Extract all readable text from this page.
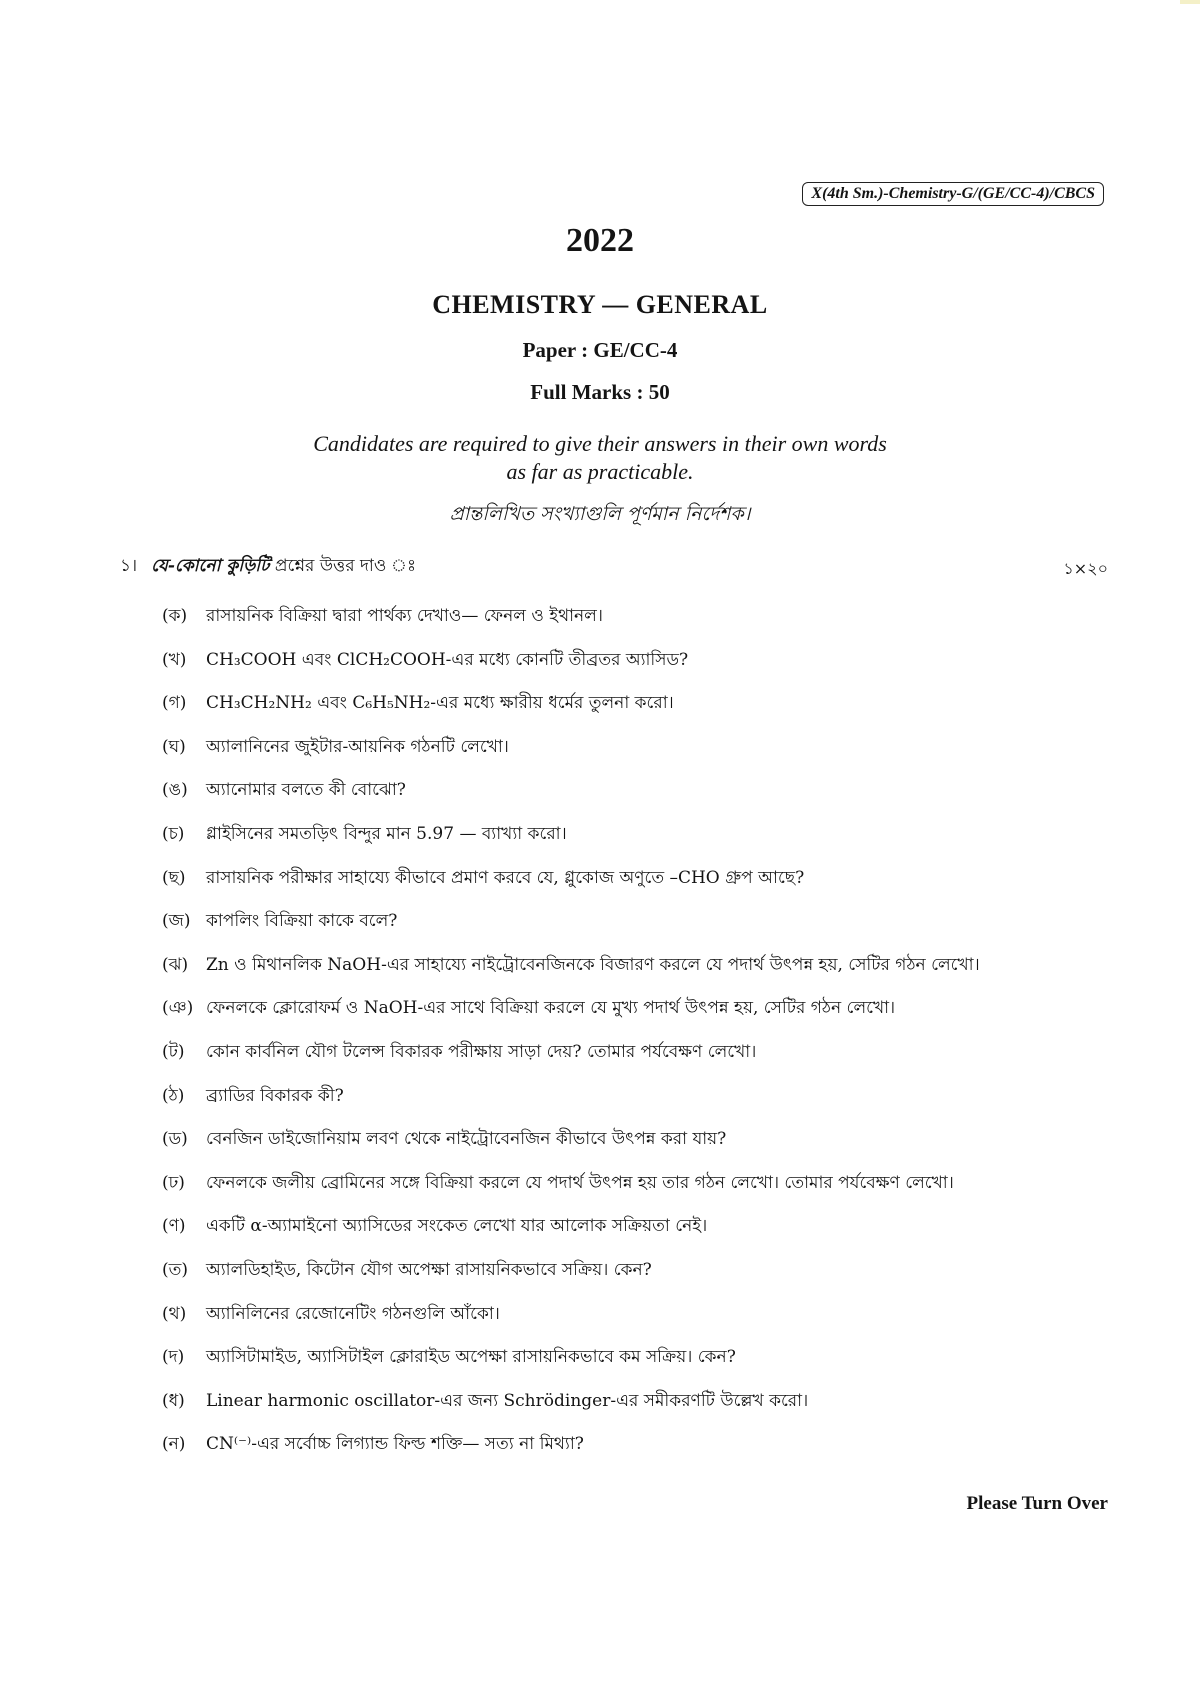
X(4th Sm.)-Chemistry-G/(GE/CC-4)/CBCS
2022
CHEMISTRY — GENERAL
Paper : GE/CC-4
Full Marks : 50
Candidates are required to give their answers in their own words
as far as practicable.
প্রান্তলিখিত সংখ্যাগুলি পূর্ণমান নির্দেশক।
১। যে-কোনো কুড়িটি প্রশ্নের উত্তর দাও ঃ	১×২০
(ক) রাসায়নিক বিক্রিয়া দ্বারা পার্থক্য দেখাও— ফেনল ও ইথানল।
(খ) CH₃COOH এবং ClCH₂COOH-এর মধ্যে কোনটি তীব্রতর অ্যাসিড?
(গ) CH₃CH₂NH₂ এবং C₆H₅NH₂-এর মধ্যে ক্ষারীয় ধর্মের তুলনা করো।
(ঘ) অ্যালানিনের জুইটার-আয়নিক গঠনটি লেখো।
(ঙ) অ্যানোমার বলতে কী বোঝো?
(চ) গ্লাইসিনের সমতড়িৎ বিন্দুর মান 5.97 — ব্যাখ্যা করো।
(ছ) রাসায়নিক পরীক্ষার সাহায্যে কীভাবে প্রমাণ করবে যে, গ্লুকোজ অণুতে –CHO গ্রুপ আছে?
(জ) কাপলিং বিক্রিয়া কাকে বলে?
(ঝ) Zn ও মিথানলিক NaOH-এর সাহায্যে নাইট্রোবেনজিনকে বিজারণ করলে যে পদার্থ উৎপন্ন হয়, সেটির গঠন লেখো।
(ঞ) ফেনলকে ক্লোরোফর্ম ও NaOH-এর সাথে বিক্রিয়া করলে যে মুখ্য পদার্থ উৎপন্ন হয়, সেটির গঠন লেখো।
(ট) কোন কার্বনিল যৌগ টলেন্স বিকারক পরীক্ষায় সাড়া দেয়? তোমার পর্যবেক্ষণ লেখো।
(ঠ) ব্র্যাডির বিকারক কী?
(ড) বেনজিন ডাইজোনিয়াম লবণ থেকে নাইট্রোবেনজিন কীভাবে উৎপন্ন করা যায়?
(ঢ) ফেনলকে জলীয় ব্রোমিনের সঙ্গে বিক্রিয়া করলে যে পদার্থ উৎপন্ন হয় তার গঠন লেখো। তোমার পর্যবেক্ষণ লেখো।
(ণ) একটি α-অ্যামাইনো অ্যাসিডের সংকেত লেখো যার আলোক সক্রিয়তা নেই।
(ত) অ্যালডিহাইড, কিটোন যৌগ অপেক্ষা রাসায়নিকভাবে সক্রিয়। কেন?
(থ) অ্যানিলিনের রেজোনেটিং গঠনগুলি আঁকো।
(দ) অ্যাসিটামাইড, অ্যাসিটাইল ক্লোরাইড অপেক্ষা রাসায়নিকভাবে কম সক্রিয়। কেন?
(ধ) Linear harmonic oscillator-এর জন্য Schrödinger-এর সমীকরণটি উল্লেখ করো।
(ন) CN⁽⁻⁾-এর সর্বোচ্চ লিগ্যান্ড ফিল্ড শক্তি— সত্য না মিথ্যা?
Please Turn Over
